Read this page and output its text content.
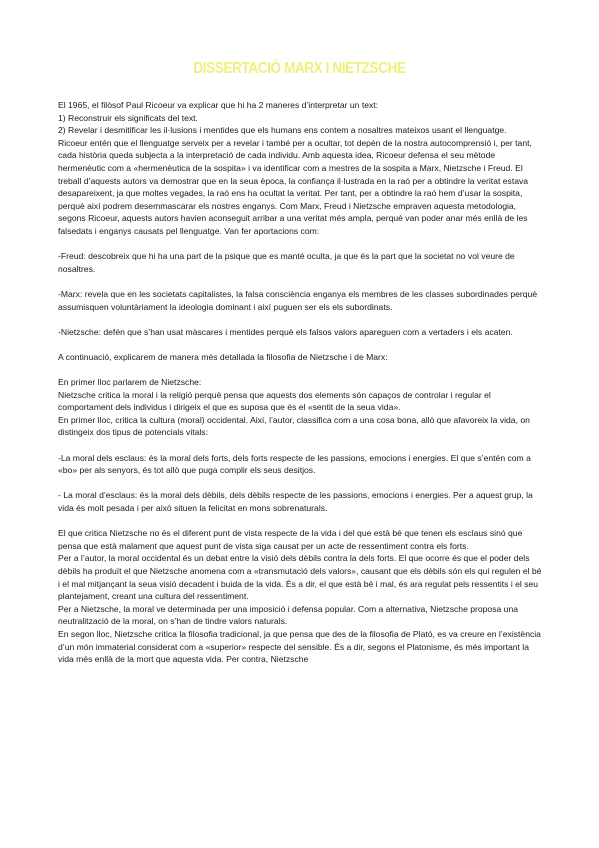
DISSERTACIÓ MARX I NIETZSCHE

El 1965, el filòsof Paul Ricoeur va explicar que hi ha 2 maneres d’interpretar un text:

1) Reconstruir els significats del text.

2) Revelar i desmitificar les il·lusions i mentides que els humans ens contem a nosaltres mateixos usant el llenguatge.

Ricoeur entén que el llenguatge serveix per a revelar i també per a ocultar, tot depén de la nostra autocomprensió i, per tant, cada història queda subjecta a la interpretació de cada individu. Amb aquesta idea, Ricoeur defensa el seu mètode hermenèutic com a «hermenèutica de la sospita» i va identificar com a mestres de la sospita a Marx, Nietzsche i Freud. El treball d’aquests autors va demostrar que en la seua època, la confiança il·lustrada en la raó per a obtindre la veritat estava desapareixent, ja que moltes vegades, la raó ens ha ocultat la veritat. Per tant, per a obtindre la raó hem d’usar la sospita, perquè així podrem desemmascarar els nostres enganys. Com Marx, Freud i Nietzsche empraven aquesta metodologia, segons Ricoeur, aquests autors havien aconseguit arribar a una veritat més ampla, perquè van poder anar més enllà de les falsedats i enganys causats pel llenguatge. Van fer aportacions com:

-Freud: descobreix que hi ha una part de la psique que es manté oculta, ja que és la part que la societat no vol veure de nosaltres.

-Marx: revela que en les societats capitalistes, la falsa consciència enganya els membres de les classes subordinades perquè assumisquen voluntàriament la ideologia dominant i així puguen ser els els subordinats.

-Nietzsche: defén que s’han usat màscares i mentides perquè els falsos valors apareguen com a vertaders i els acaten.

A continuació, explicarem de manera més detallada la filosofia de Nietzsche i de Marx:

En primer lloc parlarem de Nietzsche:

Nietzsche critica la moral i la religió perquè pensa que aquests dos elements són capaços de controlar i regular el comportament dels individus i dirigeix el que es suposa que és el «sentit de la seua vida».

En primer lloc, critica la cultura (moral) occidental. Així, l’autor, classifica com a una cosa bona, allò que afavoreix la vida, on distingeix dos tipus de potencials vitals:

-La moral dels esclaus: és la moral dels forts, dels forts respecte de les passions, emocions i energies. El que s’entén com a «bo» per als senyors, és tot allò que puga complir els seus desitjos.

- La moral d’esclaus: és la moral dels dèbils, dels dèbils respecte de les passions, emocions i energies. Per a aquest grup, la vida és molt pesada i per això situen la felicitat en mons sobrenaturals.

El que critica Nietzsche no és el diferent punt de vista respecte de la vida i del que està bé que tenen els esclaus sinó que pensa que està malament que aquest punt de vista siga causat per un acte de ressentiment contra els forts.

Per a l’autor, la moral occidental és un debat entre la visió dels dèbils contra la dels forts. El que ocorre és que el poder dels dèbils ha produït el que Nietzsche anomena com a «transmutació dels valors», causant que els dèbils són els qui regulen el bé i el mal mitjançant la seua visió decadent i buida de la vida. És a dir, el que està bé i mal, és ara regulat pels ressentits i el seu plantejament, creant una cultura del ressentiment.

Per a Nietzsche, la moral ve determinada per una imposició i defensa popular. Com a alternativa, Nietzsche proposa una neutralització de la moral, on s’han de tindre valors naturals.

En segon lloc, Nietzsche critica la filosofia tradicional, ja que pensa que des de la filosofia de Plató, es va creure en l’existència d’un món immaterial considerat com a «superior» respecte del sensible. És a dir, segons el Platonisme, és més important la vida més enllà de la mort que aquesta vida. Per contra, Nietzsche
